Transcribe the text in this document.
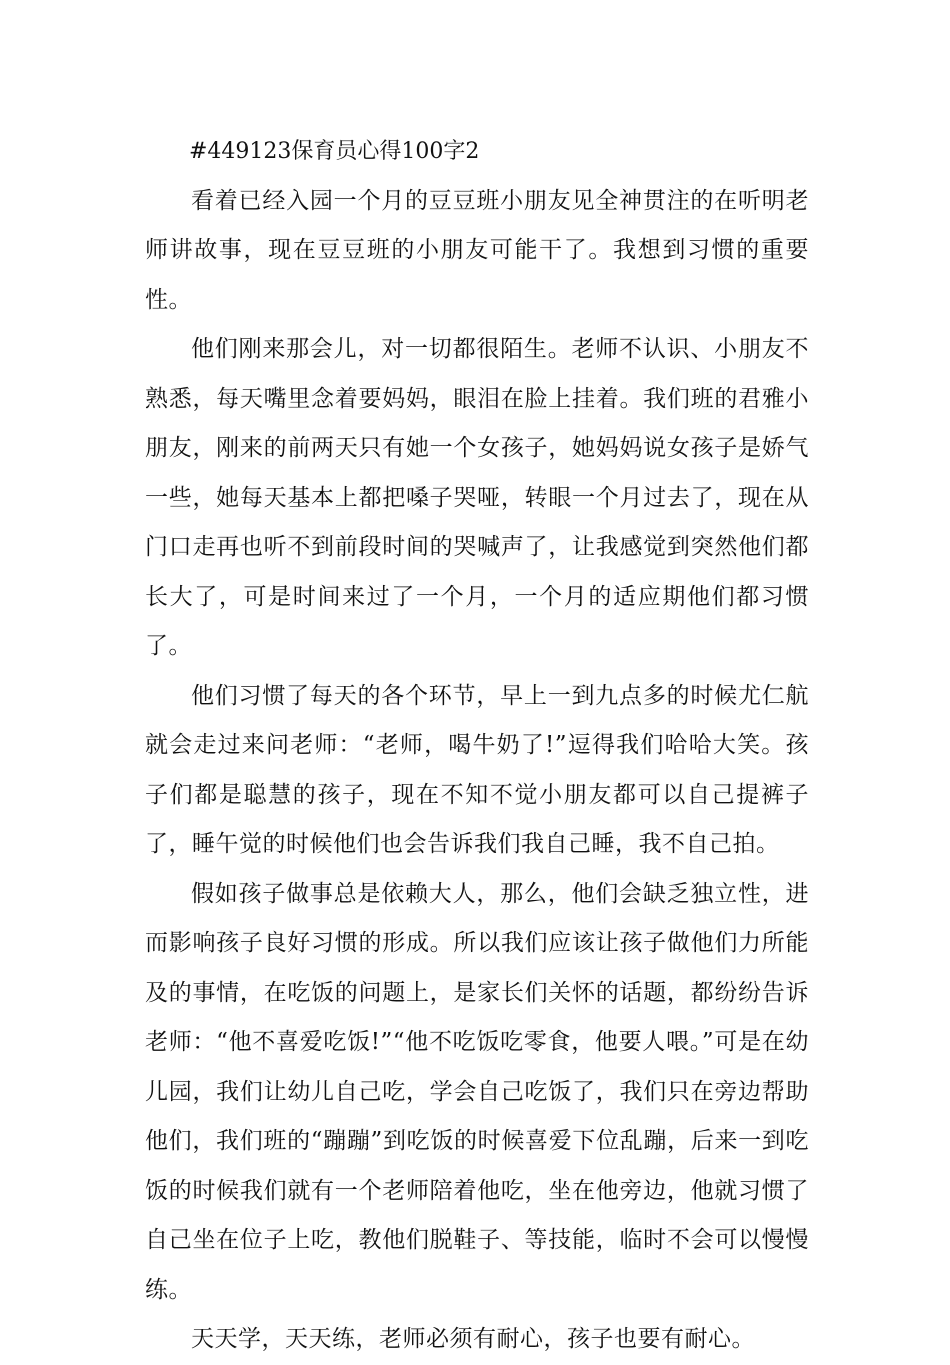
#449123保育员心得100字2

看着已经入园一个月的豆豆班小朋友见全神贯注的在听明老师讲故事，现在豆豆班的小朋友可能干了。我想到习惯的重要性。

他们刚来那会儿，对一切都很陌生。老师不认识、小朋友不熟悉，每天嘴里念着要妈妈，眼泪在脸上挂着。我们班的君雅小朋友，刚来的前两天只有她一个女孩子，她妈妈说女孩子是娇气一些，她每天基本上都把嗓子哭哑，转眼一个月过去了，现在从门口走再也听不到前段时间的哭喊声了，让我感觉到突然他们都长大了，可是时间来过了一个月，一个月的适应期他们都习惯了。

他们习惯了每天的各个环节，早上一到九点多的时候尤仁航就会走过来问老师：“老师，喝牛奶了!”逗得我们哈哈大笑。孩子们都是聪慧的孩子，现在不知不觉小朋友都可以自己提裤子了，睡午觉的时候他们也会告诉我们我自己睡，我不自己拍。

假如孩子做事总是依赖大人，那么，他们会缺乏独立性，进而影响孩子良好习惯的形成。所以我们应该让孩子做他们力所能及的事情，在吃饭的问题上，是家长们关怀的话题，都纷纷告诉老师：“他不喜爱吃饭!”“他不吃饭吃零食，他要人喂。”可是在幼儿园，我们让幼儿自己吃，学会自己吃饭了，我们只在旁边帮助他们，我们班的“蹦蹦”到吃饭的时候喜爱下位乱蹦，后来一到吃饭的时候我们就有一个老师陪着他吃，坐在他旁边，他就习惯了自己坐在位子上吃，教他们脱鞋子、等技能，临时不会可以慢慢练。

天天学，天天练，老师必须有耐心，孩子也要有耐心。
